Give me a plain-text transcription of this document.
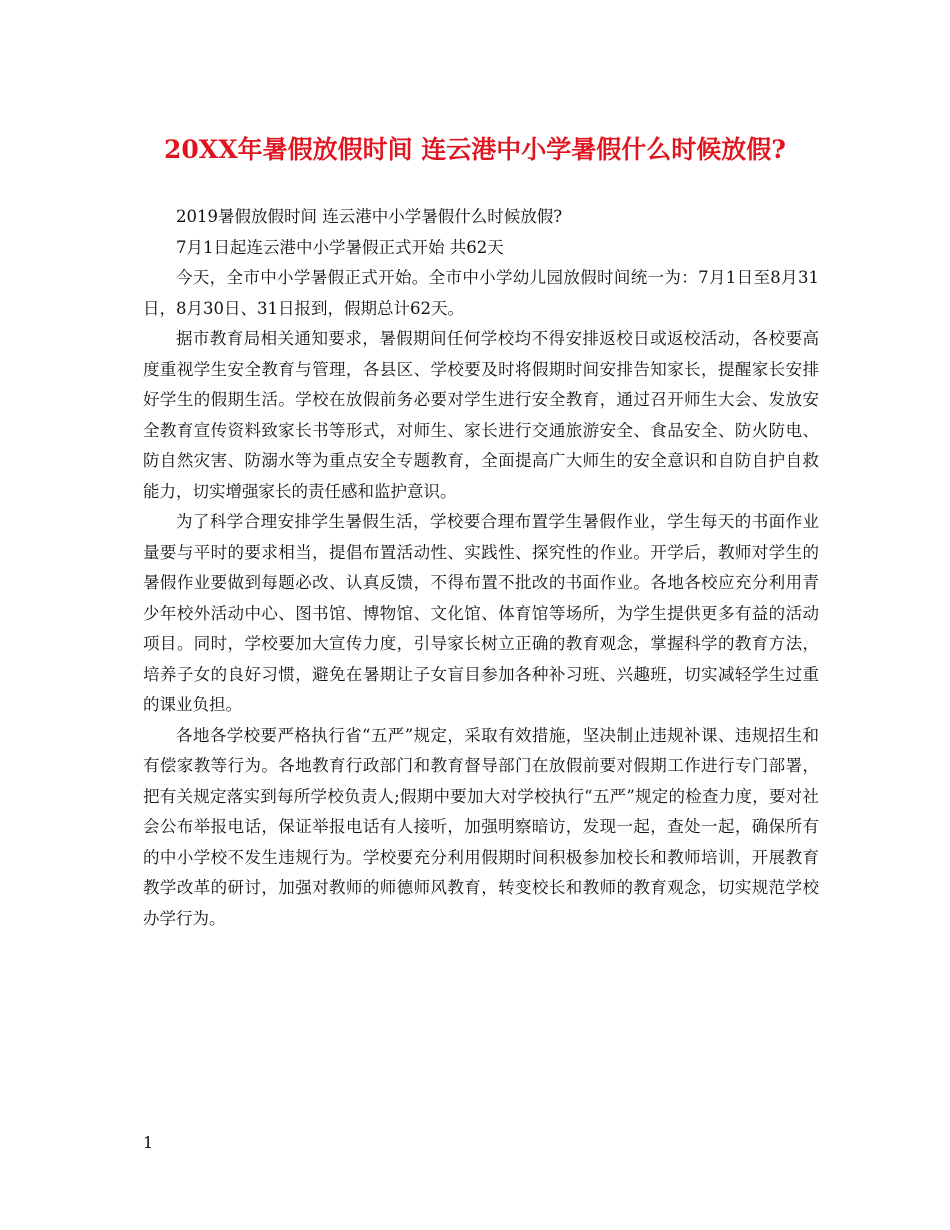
20XX年暑假放假时间 连云港中小学暑假什么时候放假?

2019暑假放假时间 连云港中小学暑假什么时候放假?

7月1日起连云港中小学暑假正式开始 共62天

今天，全市中小学暑假正式开始。全市中小学幼儿园放假时间统一为：7月1日至8月31日，8月30日、31日报到，假期总计62天。

据市教育局相关通知要求，暑假期间任何学校均不得安排返校日或返校活动，各校要高度重视学生安全教育与管理，各县区、学校要及时将假期时间安排告知家长，提醒家长安排好学生的假期生活。学校在放假前务必要对学生进行安全教育，通过召开师生大会、发放安全教育宣传资料致家长书等形式，对师生、家长进行交通旅游安全、食品安全、防火防电、防自然灾害、防溺水等为重点安全专题教育，全面提高广大师生的安全意识和自防自护自救能力，切实增强家长的责任感和监护意识。

为了科学合理安排学生暑假生活，学校要合理布置学生暑假作业，学生每天的书面作业量要与平时的要求相当，提倡布置活动性、实践性、探究性的作业。开学后，教师对学生的暑假作业要做到每题必改、认真反馈，不得布置不批改的书面作业。各地各校应充分利用青少年校外活动中心、图书馆、博物馆、文化馆、体育馆等场所，为学生提供更多有益的活动项目。同时，学校要加大宣传力度，引导家长树立正确的教育观念，掌握科学的教育方法，培养子女的良好习惯，避免在暑期让子女盲目参加各种补习班、兴趣班，切实减轻学生过重的课业负担。

各地各学校要严格执行省“五严”规定，采取有效措施，坚决制止违规补课、违规招生和有偿家教等行为。各地教育行政部门和教育督导部门在放假前要对假期工作进行专门部署，把有关规定落实到每所学校负责人;假期中要加大对学校执行“五严”规定的检查力度，要对社会公布举报电话，保证举报电话有人接听，加强明察暗访，发现一起，查处一起，确保所有的中小学校不发生违规行为。学校要充分利用假期时间积极参加校长和教师培训，开展教育教学改革的研讨，加强对教师的师德师风教育，转变校长和教师的教育观念，切实规范学校办学行为。

1
